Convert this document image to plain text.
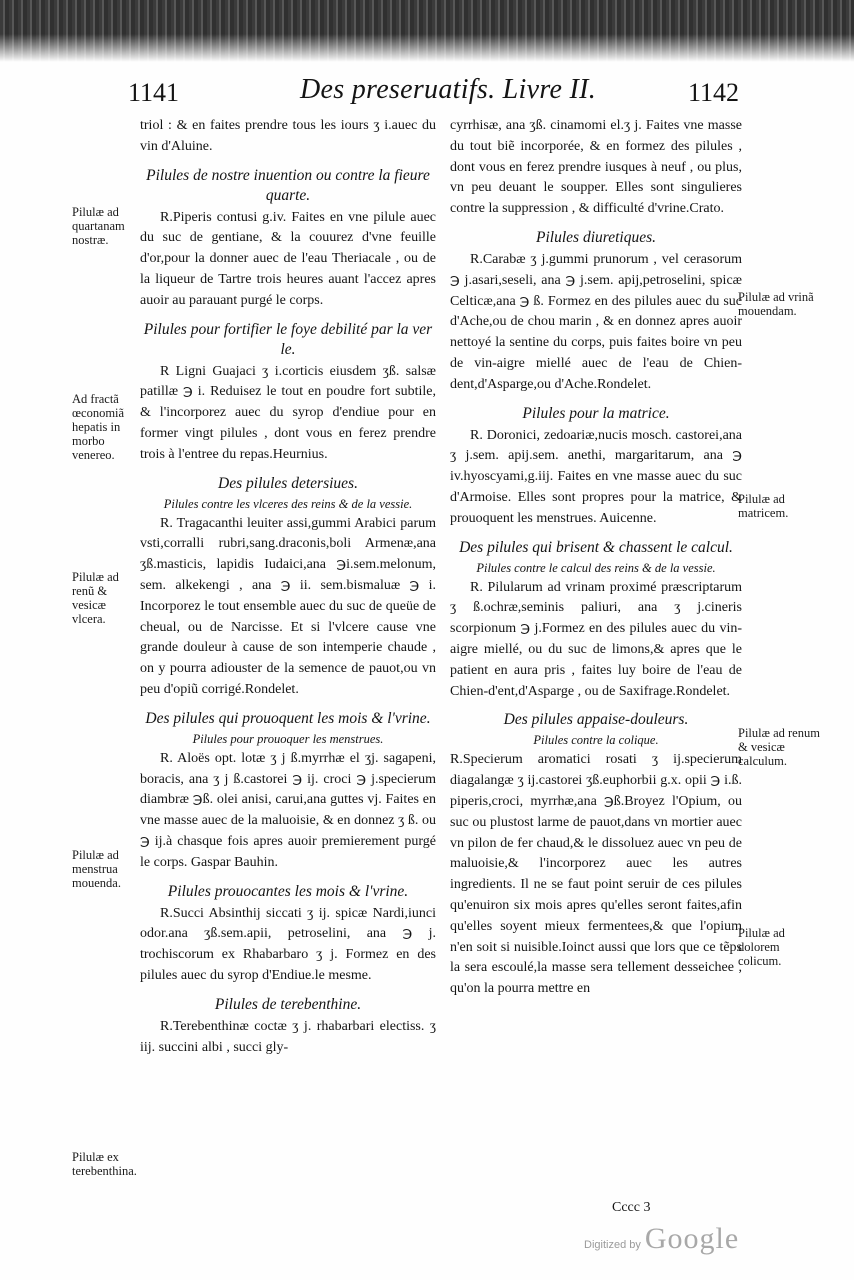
1141	Des preseruatifs. Livre II.	1142

triol : & en faites prendre tous les iours ʒ i.auec du vin d'Aluine.

Pilules de nostre inuention ou contre la fieure quarte.

R.Piperis contusi g.iv. Faites en vne pilule auec du suc de gentiane, & la couurez d'vne feuille d'or,pour la donner auec de l'eau Theriacale , ou de la liqueur de Tartre trois heures auant l'accez apres auoir au parauant purgé le corps.

Pilules pour fortifier le foye debilité par la ver le.

R Ligni Guajaci ʒ i.corticis eiusdem ʒß. salsæ patillæ ℈ i. Reduisez le tout en poudre fort subtile, & l'incorporez auec du syrop d'endiue pour en former vingt pilules , dont vous en ferez prendre trois à l'entree du repas.Heurnius.

Des pilules detersiues.

Pilules contre les vlceres des reins & de la vessie.

R. Tragacanthi leuiter assi,gummi Arabici parum vsti,corralli rubri,sang.draconis,boli Armenæ,ana ʒß.masticis, lapidis Iudaici,ana ℈i.sem.melonum, sem. alkekengi , ana ℈ ii. sem.bismaluæ ℈ i. Incorporez le tout ensemble auec du suc de queüe de cheual, ou de Narcisse. Et si l'vlcere cause vne grande douleur à cause de son intemperie chaude , on y pourra adiouster de la semence de pauot,ou vn peu d'opiũ corrigé.Rondelet.

Des pilules qui prouoquent les mois & l'vrine.

Pilules pour prouoquer les menstrues.

R. Aloës opt. lotæ ʒ j ß.myrrhæ el ʒj. sagapeni, boracis, ana ʒ j ß.castorei ℈ ij. croci ℈ j.specierum diambræ ℈ß. olei anisi, carui,ana guttes vj. Faites en vne masse auec de la maluoisie, & en donnez ʒ ß. ou ℈ ij.à chasque fois apres auoir premierement purgé le corps. Gaspar Bauhin.

Pilules prouocantes les mois & l'vrine.

R.Succi Absinthij siccati ʒ ij. spicæ Nardi,iunci odor.ana ʒß.sem.apii, petroselini, ana ℈ j. trochiscorum ex Rhabarbaro ʒ j. Formez en des pilules auec du syrop d'Endiue.le mesme.

Pilules de terebenthine.

R.Terebenthinæ coctæ ʒ j. rhabarbari electiss. ʒ iij. succini albi , succi gly-

cyrrhisæ, ana ʒß. cinamomi el.ʒ j. Faites vne masse du tout biẽ incorporée, & en formez des pilules , dont vous en ferez prendre iusques à neuf , ou plus, vn peu deuant le soupper. Elles sont singulieres contre la suppression , & difficulté d'vrine.Crato.

Pilules diuretiques.

R.Carabæ ʒ j.gummi prunorum , vel cerasorum ℈ j.asari,seseli, ana ℈ j.sem. apij,petroselini, spicæ Celticæ,ana ℈ ß. Formez en des pilules auec du suc d'Ache,ou de chou marin , & en donnez apres auoir nettoyé la sentine du corps, puis faites boire vn peu de vin-aigre miellé auec de l'eau de Chien-dent,d'Asparge,ou d'Ache.Rondelet.

Pilules pour la matrice.

R. Doronici, zedoariæ,nucis mosch. castorei,ana ʒ j.sem. apij.sem. anethi, margaritarum, ana ℈ iv.hyoscyami,g.iij. Faites en vne masse auec du suc d'Armoise. Elles sont propres pour la matrice, & prouoquent les menstrues. Auicenne.

Des pilules qui brisent & chassent le calcul.

Pilules contre le calcul des reins & de la vessie.

R. Pilularum ad vrinam proximé præscriptarum ʒ ß.ochræ,seminis paliuri, ana ʒ j.cineris scorpionum ℈ j.Formez en des pilules auec du vin-aigre miellé, ou du suc de limons,& apres que le patient en aura pris , faites luy boire de l'eau de Chien-d'ent,d'Asparge , ou de Saxifrage.Rondelet.

Des pilules appaise-douleurs.

Pilules contre la colique.

R.Specierum aromatici rosati ʒ ij.specierum diagalangæ ʒ ij.castorei ʒß.euphorbii g.x. opii ℈ i.ß. piperis,croci, myrrhæ,ana ℈ß.Broyez l'Opium, ou suc ou plustost larme de pauot,dans vn mortier auec vn pilon de fer chaud,& le dissoluez auec vn peu de maluoisie,& l'incorporez auec les autres ingredients. Il ne se faut point seruir de ces pilules qu'enuiron six mois apres qu'elles seront faites,afin qu'elles soyent mieux fermentees,& que l'opium n'en soit si nuisible.Ioinct aussi que lors que ce tẽps la sera escoulé,la masse sera tellement desseichee , qu'on la pourra mettre en

Pilulæ ad quartanam nostræ.
Ad fractã œconomiã hepatis in morbo venereo.
Pilulæ ad renũ & vesicæ vlcera.
Pilulæ ad menstrua mouenda.
Pilulæ ex terebenthina.
Pilulæ ad vrinã mouendam.
Pilulæ ad matricem.
Pilulæ ad renum & vesicæ calculum.
Pilulæ ad dolorem colicum.
Cccc 3
Digitized by Google
